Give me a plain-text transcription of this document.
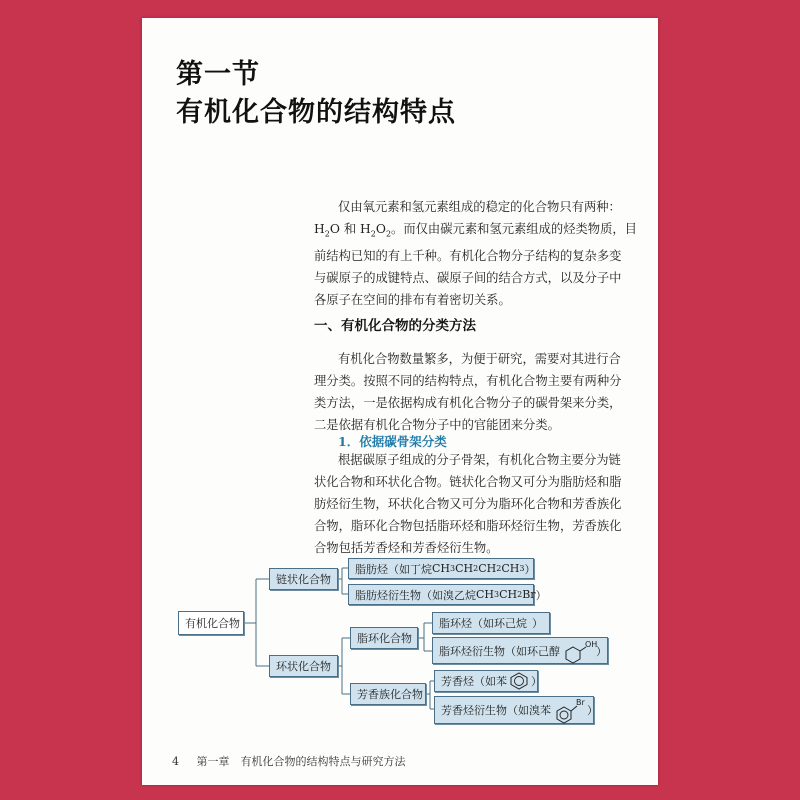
第一节
有机化合物的结构特点

仅由氧元素和氢元素组成的稳定的化合物只有两种：
$H_2O$ 和 $H_2O_2$。而仅由碳元素和氢元素组成的烃类物质，目
前结构已知的有上千种。有机化合物分子结构的复杂多变
与碳原子的成键特点、碳原子间的结合方式，以及分子中
各原子在空间的排布有着密切关系。

一、有机化合物的分类方法

有机化合物数量繁多，为便于研究，需要对其进行合
理分类。按照不同的结构特点，有机化合物主要有两种分
类方法，一是依据构成有机化合物分子的碳骨架来分类，
二是依据有机化合物分子中的官能团来分类。

1．依据碳骨架分类

根据碳原子组成的分子骨架，有机化合物主要分为链
状化合物和环状化合物。链状化合物又可分为脂肪烃和脂
肪烃衍生物，环状化合物又可分为脂环化合物和芳香族化
合物，脂环化合物包括脂环烃和脂环烃衍生物，芳香族化
合物包括芳香烃和芳香烃衍生物。

有机化合物
链状化合物
环状化合物
脂肪烃（如丁烷 CH 3 CH 2 CH 2 CH 3 ）
脂肪烃衍生物（如溴乙烷 CH 3 CH 2 Br ）
脂环化合物
芳香族化合物
脂环烃（如环己烷 ）
脂环烃衍生物（如环己醇
OH
）
芳香烃（如苯 ）
芳香烃衍生物（如溴苯
Br
）

4 第一章　有机化合物的结构特点与研究方法
